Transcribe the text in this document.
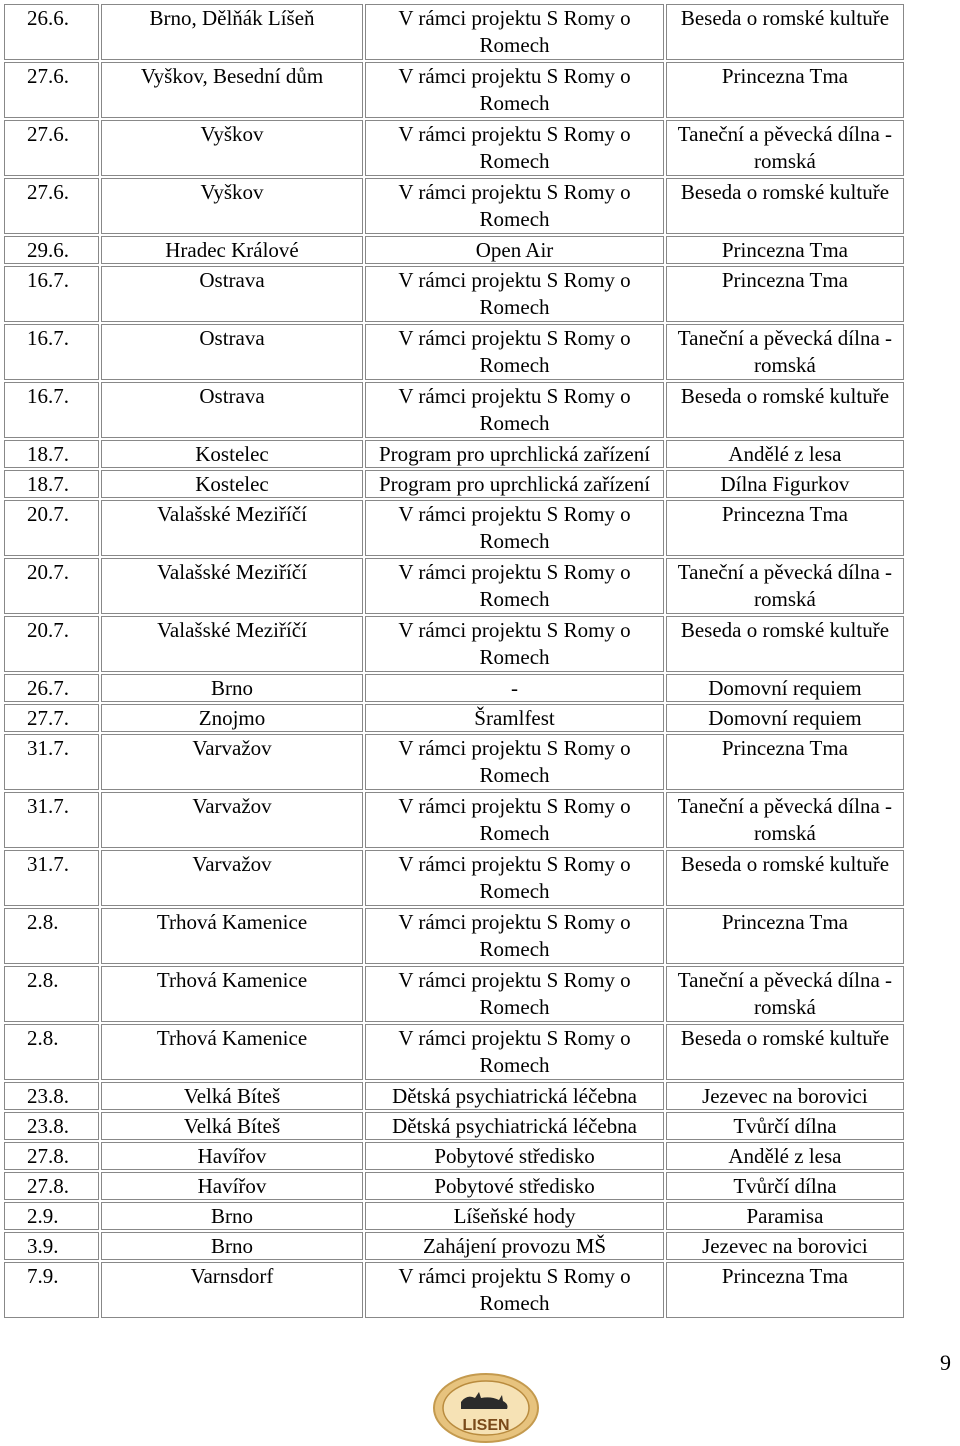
26.6.	Brno, Dělňák Líšeň	V rámci projektu S Romy o Romech	Beseda o romské kultuře
27.6.	Vyškov, Besední dům	V rámci projektu S Romy o Romech	Princezna Tma
27.6.	Vyškov	V rámci projektu S Romy o Romech	Taneční a pěvecká dílna - romská
27.6.	Vyškov	V rámci projektu S Romy o Romech	Beseda o romské kultuře
29.6.	Hradec Králové	Open Air	Princezna Tma
16.7.	Ostrava	V rámci projektu S Romy o Romech	Princezna Tma
16.7.	Ostrava	V rámci projektu S Romy o Romech	Taneční a pěvecká dílna - romská
16.7.	Ostrava	V rámci projektu S Romy o Romech	Beseda o romské kultuře
18.7.	Kostelec	Program pro uprchlická zařízení	Andělé z lesa
18.7.	Kostelec	Program pro uprchlická zařízení	Dílna Figurkov
20.7.	Valašské Meziříčí	V rámci projektu S Romy o Romech	Princezna Tma
20.7.	Valašské Meziříčí	V rámci projektu S Romy o Romech	Taneční a pěvecká dílna - romská
20.7.	Valašské Meziříčí	V rámci projektu S Romy o Romech	Beseda o romské kultuře
26.7.	Brno	-	Domovní requiem
27.7.	Znojmo	Šramlfest	Domovní requiem
31.7.	Varvažov	V rámci projektu S Romy o Romech	Princezna Tma
31.7.	Varvažov	V rámci projektu S Romy o Romech	Taneční a pěvecká dílna - romská
31.7.	Varvažov	V rámci projektu S Romy o Romech	Beseda o romské kultuře
2.8.	Trhová Kamenice	V rámci projektu S Romy o Romech	Princezna Tma
2.8.	Trhová Kamenice	V rámci projektu S Romy o Romech	Taneční a pěvecká dílna - romská
2.8.	Trhová Kamenice	V rámci projektu S Romy o Romech	Beseda o romské kultuře
23.8.	Velká Bíteš	Dětská psychiatrická léčebna	Jezevec na borovici
23.8.	Velká Bíteš	Dětská psychiatrická léčebna	Tvůrčí dílna
27.8.	Havířov	Pobytové středisko	Andělé z lesa
27.8.	Havířov	Pobytové středisko	Tvůrčí dílna
2.9.	Brno	Líšeňské hody	Paramisa
3.9.	Brno	Zahájení provozu MŠ	Jezevec na borovici
7.9.	Varnsdorf	V rámci projektu S Romy o Romech	Princezna Tma
9
LISEN
